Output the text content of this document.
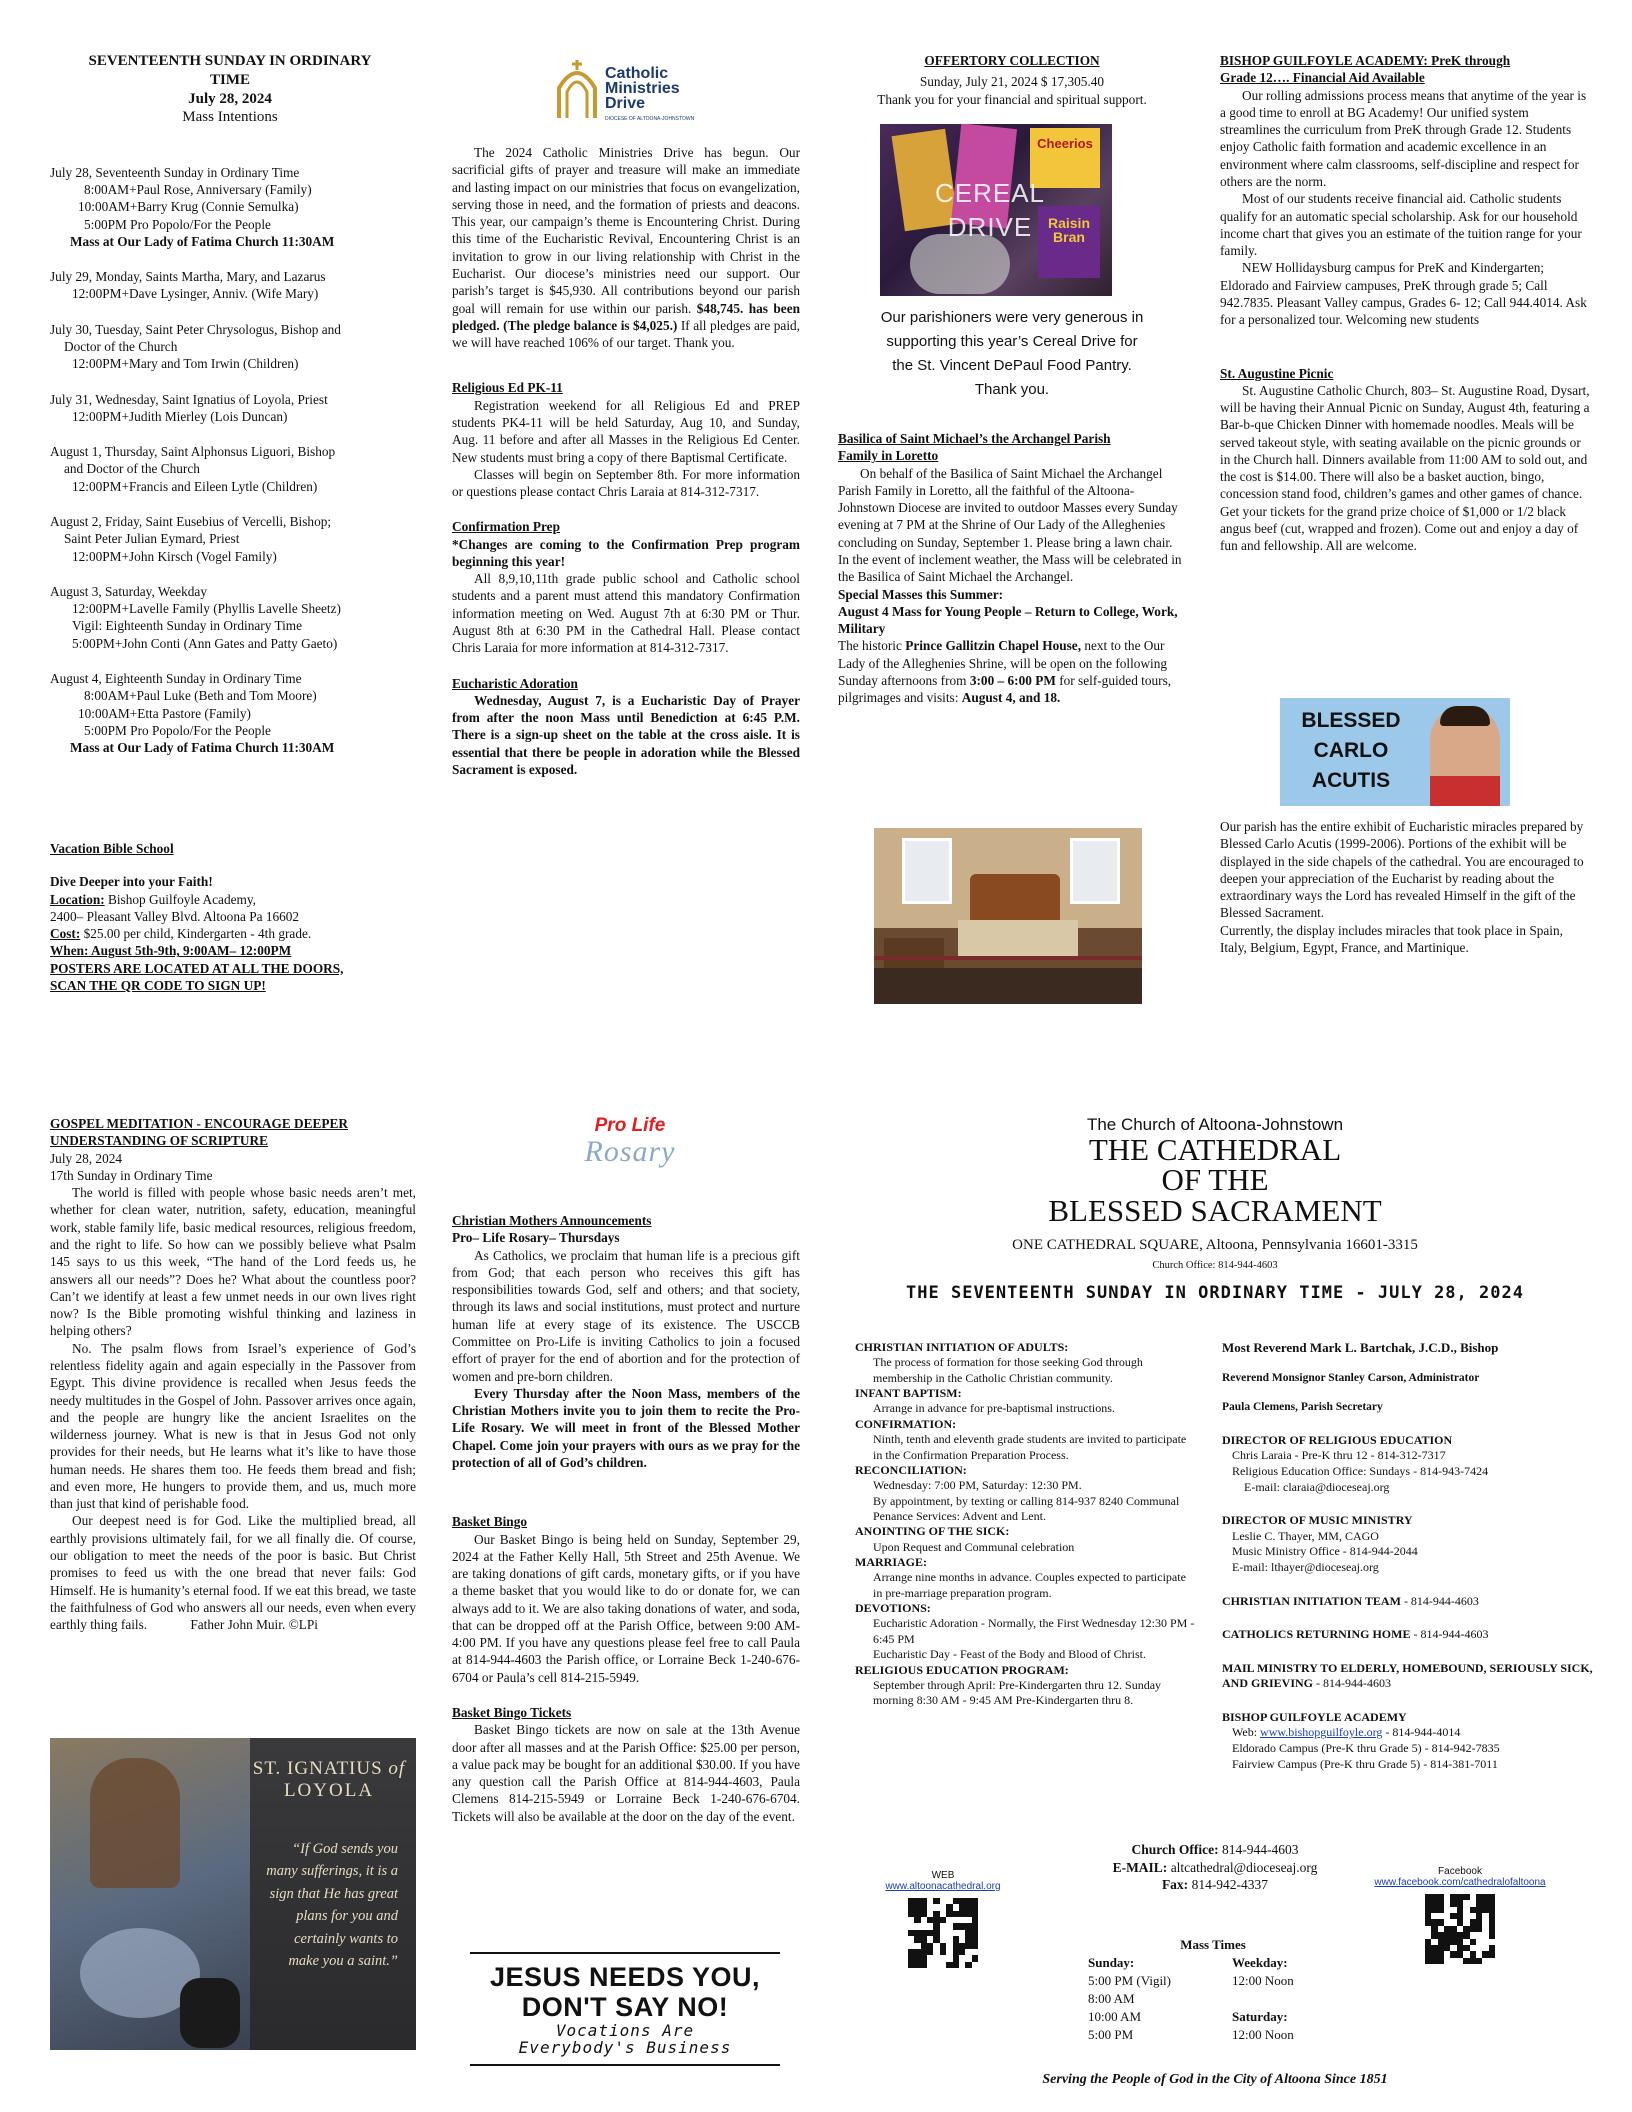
SEVENTEENTH SUNDAY IN ORDINARY
TIME
July 28, 2024
Mass Intentions

July 28, Seventeenth Sunday in Ordinary Time

8:00AM+Paul Rose, Anniversary (Family)

10:00AM+Barry Krug (Connie Semulka)

5:00PM Pro Popolo/For the People

Mass at Our Lady of Fatima Church 11:30AM

July 29, Monday, Saints Martha, Mary, and Lazarus

12:00PM+Dave Lysinger, Anniv. (Wife Mary)

July 30, Tuesday, Saint Peter Chrysologus, Bishop and

Doctor of the Church

12:00PM+Mary and Tom Irwin (Children)

July 31, Wednesday, Saint Ignatius of Loyola, Priest

12:00PM+Judith Mierley (Lois Duncan)

August 1, Thursday, Saint Alphonsus Liguori, Bishop

and Doctor of the Church

12:00PM+Francis and Eileen Lytle (Children)

August 2, Friday, Saint Eusebius of Vercelli, Bishop;

Saint Peter Julian Eymard, Priest

12:00PM+John Kirsch (Vogel Family)

August 3, Saturday, Weekday

12:00PM+Lavelle Family (Phyllis Lavelle Sheetz)

Vigil: Eighteenth Sunday in Ordinary Time

5:00PM+John Conti (Ann Gates and Patty Gaeto)

August 4, Eighteenth Sunday in Ordinary Time

8:00AM+Paul Luke (Beth and Tom Moore)

10:00AM+Etta Pastore (Family)

5:00PM Pro Popolo/For the People

Mass at Our Lady of Fatima Church 11:30AM

Vacation Bible School

Dive Deeper into your Faith!

Location: Bishop Guilfoyle Academy,

2400– Pleasant Valley Blvd. Altoona Pa 16602

Cost: $25.00 per child, Kindergarten - 4th grade.

When: August 5th-9th, 9:00AM– 12:00PM

POSTERS ARE LOCATED AT ALL THE DOORS,

SCAN THE QR CODE TO SIGN UP!

Catholic
Ministries
Drive
DIOCESE OF ALTOONA-JOHNSTOWN

The 2024 Catholic Ministries Drive has begun. Our sacrificial gifts of prayer and treasure will make an immediate and lasting impact on our ministries that focus on evangelization, serving those in need, and the formation of priests and deacons. This year, our campaign’s theme is Encountering Christ. During this time of the Eucharistic Revival, Encountering Christ is an invitation to grow in our living relationship with Christ in the Eucharist. Our diocese’s ministries need our support. Our parish’s target is $45,930. All contributions beyond our parish goal will remain for use within our parish. $48,745. has been pledged. (The pledge balance is $4,025.) If all pledges are paid, we will have reached 106% of our target. Thank you.

Religious Ed PK-11

Registration weekend for all Religious Ed and PREP students PK4-11 will be held Saturday, Aug 10, and Sunday, Aug. 11 before and after all Masses in the Religious Ed Center. New students must bring a copy of there Baptismal Certificate.

Classes will begin on September 8th. For more information or questions please contact Chris Laraia at 814-312-7317.

Confirmation Prep

*Changes are coming to the Confirmation Prep program beginning this year!

All 8,9,10,11th grade public school and Catholic school students and a parent must attend this mandatory Confirmation information meeting on Wed. August 7th at 6:30 PM or Thur. August 8th at 6:30 PM in the Cathedral Hall. Please contact Chris Laraia for more information at 814-312-7317.

Eucharistic Adoration

Wednesday, August 7, is a Eucharistic Day of Prayer from after the noon Mass until Benediction at 6:45 P.M. There is a sign-up sheet on the table at the cross aisle. It is essential that there be people in adoration while the Blessed Sacrament is exposed.

OFFERTORY COLLECTION

Sunday, July 21, 2024 $ 17,305.40

Thank you for your financial and spiritual support.

Cheerios
Raisin Bran
CEREAL
DRIVE
Our parishioners were very generous in
supporting this year’s Cereal Drive for
the St. Vincent DePaul Food Pantry.
Thank you.

Basilica of Saint Michael’s the Archangel Parish

Family in Loretto

On behalf of the Basilica of Saint Michael the Archangel Parish Family in Loretto, all the faithful of the Altoona-Johnstown Diocese are invited to outdoor Masses every Sunday evening at 7 PM at the Shrine of Our Lady of the Alleghenies concluding on Sunday, September 1. Please bring a lawn chair. In the event of inclement weather, the Mass will be celebrated in the Basilica of Saint Michael the Archangel.

Special Masses this Summer:

August 4 Mass for Young People – Return to College, Work, Military

The historic Prince Gallitzin Chapel House, next to the Our Lady of the Alleghenies Shrine, will be open on the following Sunday afternoons from 3:00 – 6:00 PM for self-guided tours, pilgrimages and visits: August 4, and 18.

BISHOP GUILFOYLE ACADEMY: PreK through

Grade 12…. Financial Aid Available

Our rolling admissions process means that anytime of the year is a good time to enroll at BG Academy! Our unified system streamlines the curriculum from PreK through Grade 12. Students enjoy Catholic faith formation and academic excellence in an environment where calm classrooms, self-discipline and respect for others are the norm.

Most of our students receive financial aid. Catholic students qualify for an automatic special scholarship. Ask for our household income chart that gives you an estimate of the tuition range for your family.

NEW Hollidaysburg campus for PreK and Kindergarten; Eldorado and Fairview campuses, PreK through grade 5; Call 942.7835. Pleasant Valley campus, Grades 6- 12; Call 944.4014. Ask for a personalized tour. Welcoming new students

St. Augustine Picnic

St. Augustine Catholic Church, 803– St. Augustine Road, Dysart, will be having their Annual Picnic on Sunday, August 4th, featuring a Bar-b-que Chicken Dinner with homemade noodles. Meals will be served takeout style, with seating available on the picnic grounds or in the Church hall. Dinners available from 11:00 AM to sold out, and the cost is $14.00. There will also be a basket auction, bingo, concession stand food, children’s games and other games of chance. Get your tickets for the grand prize choice of $1,000 or 1/2 black angus beef (cut, wrapped and frozen). Come out and enjoy a day of fun and fellowship. All are welcome.

BLESSED
CARLO
ACUTIS

Our parish has the entire exhibit of Eucharistic miracles prepared by Blessed Carlo Acutis (1999-2006). Portions of the exhibit will be displayed in the side chapels of the cathedral. You are encouraged to deepen your appreciation of the Eucharist by reading about the extraordinary ways the Lord has revealed Himself in the gift of the Blessed Sacrament.

Currently, the display includes miracles that took place in Spain, Italy, Belgium, Egypt, France, and Martinique.

GOSPEL MEDITATION - ENCOURAGE DEEPER

UNDERSTANDING OF SCRIPTURE

July 28, 2024

17th Sunday in Ordinary Time

The world is filled with people whose basic needs aren’t met, whether for clean water, nutrition, safety, education, meaningful work, stable family life, basic medical resources, religious freedom, and the right to life. So how can we possibly believe what Psalm 145 says to us this week, “The hand of the Lord feeds us, he answers all our needs”? Does he? What about the countless poor? Can’t we identify at least a few unmet needs in our own lives right now? Is the Bible promoting wishful thinking and laziness in helping others?

No. The psalm flows from Israel’s experience of God’s relentless fidelity again and again especially in the Passover from Egypt. This divine providence is recalled when Jesus feeds the needy multitudes in the Gospel of John. Passover arrives once again, and the people are hungry like the ancient Israelites on the wilderness journey. What is new is that in Jesus God not only provides for their needs, but He learns what it’s like to have those human needs. He shares them too. He feeds them bread and fish; and even more, He hungers to provide them, and us, much more than just that kind of perishable food.

Our deepest need is for God. Like the multiplied bread, all earthly provisions ultimately fail, for we all finally die. Of course, our obligation to meet the needs of the poor is basic. But Christ promises to feed us with the one bread that never fails: God Himself. He is humanity’s eternal food. If we eat this bread, we taste the faithfulness of God who answers all our needs, even when every earthly thing fails.	Father John Muir. ©LPi

ST. IGNATIUS of
LOYOLA
“If God sends you many sufferings, it is a sign that He has great plans for you and certainly wants to make you a saint.”
Pro Life
Rosary

Christian Mothers Announcements

Pro– Life Rosary– Thursdays

As Catholics, we proclaim that human life is a precious gift from God; that each person who receives this gift has responsibilities towards God, self and others; and that society, through its laws and social institutions, must protect and nurture human life at every stage of its existence. The USCCB Committee on Pro-Life is inviting Catholics to join a focused effort of prayer for the end of abortion and for the protection of women and pre-born children.

Every Thursday after the Noon Mass, members of the Christian Mothers invite you to join them to recite the Pro-Life Rosary. We will meet in front of the Blessed Mother Chapel. Come join your prayers with ours as we pray for the protection of all of God’s children.

Basket Bingo

Our Basket Bingo is being held on Sunday, September 29, 2024 at the Father Kelly Hall, 5th Street and 25th Avenue. We are taking donations of gift cards, monetary gifts, or if you have a theme basket that you would like to do or donate for, we can always add to it. We are also taking donations of water, and soda, that can be dropped off at the Parish Office, between 9:00 AM-4:00 PM. If you have any questions please feel free to call Paula at 814-944-4603 the Parish office, or Lorraine Beck 1-240-676-6704 or Paula’s cell 814-215-5949.

Basket Bingo Tickets

Basket Bingo tickets are now on sale at the 13th Avenue door after all masses and at the Parish Office: $25.00 per person, a value pack may be bought for an additional $30.00. If you have any question call the Parish Office at 814-944-4603, Paula Clemens 814-215-5949 or Lorraine Beck 1-240-676-6704. Tickets will also be available at the door on the day of the event.

JESUS NEEDS YOU,
DON'T SAY NO!
Vocations Are
Everybody's Business
The Church of Altoona-Johnstown
THE CATHEDRAL
OF THE
BLESSED SACRAMENT
ONE CATHEDRAL SQUARE, Altoona, Pennsylvania 16601-3315
Church Office: 814-944-4603
THE SEVENTEENTH SUNDAY IN ORDINARY TIME - JULY 28, 2024

CHRISTIAN INITIATION OF ADULTS:

The process of formation for those seeking God through membership in the Catholic Christian community.

INFANT BAPTISM:

Arrange in advance for pre-baptismal instructions.

CONFIRMATION:

Ninth, tenth and eleventh grade students are invited to participate in the Confirmation Preparation Process.

RECONCILIATION:

Wednesday: 7:00 PM, Saturday: 12:30 PM.

By appointment, by texting or calling 814-937 8240 Communal Penance Services: Advent and Lent.

ANOINTING OF THE SICK:

Upon Request and Communal celebration

MARRIAGE:

Arrange nine months in advance. Couples expected to participate in pre-marriage preparation program.

DEVOTIONS:

Eucharistic Adoration - Normally, the First Wednesday 12:30 PM - 6:45 PM

Eucharistic Day - Feast of the Body and Blood of Christ.

RELIGIOUS EDUCATION PROGRAM:

September through April: Pre-Kindergarten thru 12. Sunday morning 8:30 AM - 9:45 AM Pre-Kindergarten thru 8.

Most Reverend Mark L. Bartchak, J.C.D., Bishop

Reverend Monsignor Stanley Carson, Administrator

Paula Clemens, Parish Secretary

DIRECTOR OF RELIGIOUS EDUCATION

Chris Laraia - Pre-K thru 12 - 814-312-7317

Religious Education Office: Sundays - 814-943-7424

E-mail: claraia@dioceseaj.org

DIRECTOR OF MUSIC MINISTRY

Leslie C. Thayer, MM, CAGO

Music Ministry Office - 814-944-2044

E-mail: lthayer@dioceseaj.org

CHRISTIAN INITIATION TEAM - 814-944-4603

CATHOLICS RETURNING HOME - 814-944-4603

MAIL MINISTRY TO ELDERLY, HOMEBOUND, SERIOUSLY SICK, AND GRIEVING - 814-944-4603

BISHOP GUILFOYLE ACADEMY

Web: www.bishopguilfoyle.org - 814-944-4014

Eldorado Campus (Pre-K thru Grade 5) - 814-942-7835

Fairview Campus (Pre-K thru Grade 5) - 814-381-7011

Church Office: 814-944-4603

E-MAIL: altcathedral@dioceseaj.org

Fax: 814-942-4337

WEB
www.altoonacathedral.org
Facebook
www.facebook.com/cathedralofaltoona
Mass Times
Sunday:
5:00 PM (Vigil)
8:00 AM
10:00 AM
5:00 PM
Weekday:
12:00 Noon
Saturday:
12:00 Noon
Serving the People of God in the City of Altoona Since 1851
